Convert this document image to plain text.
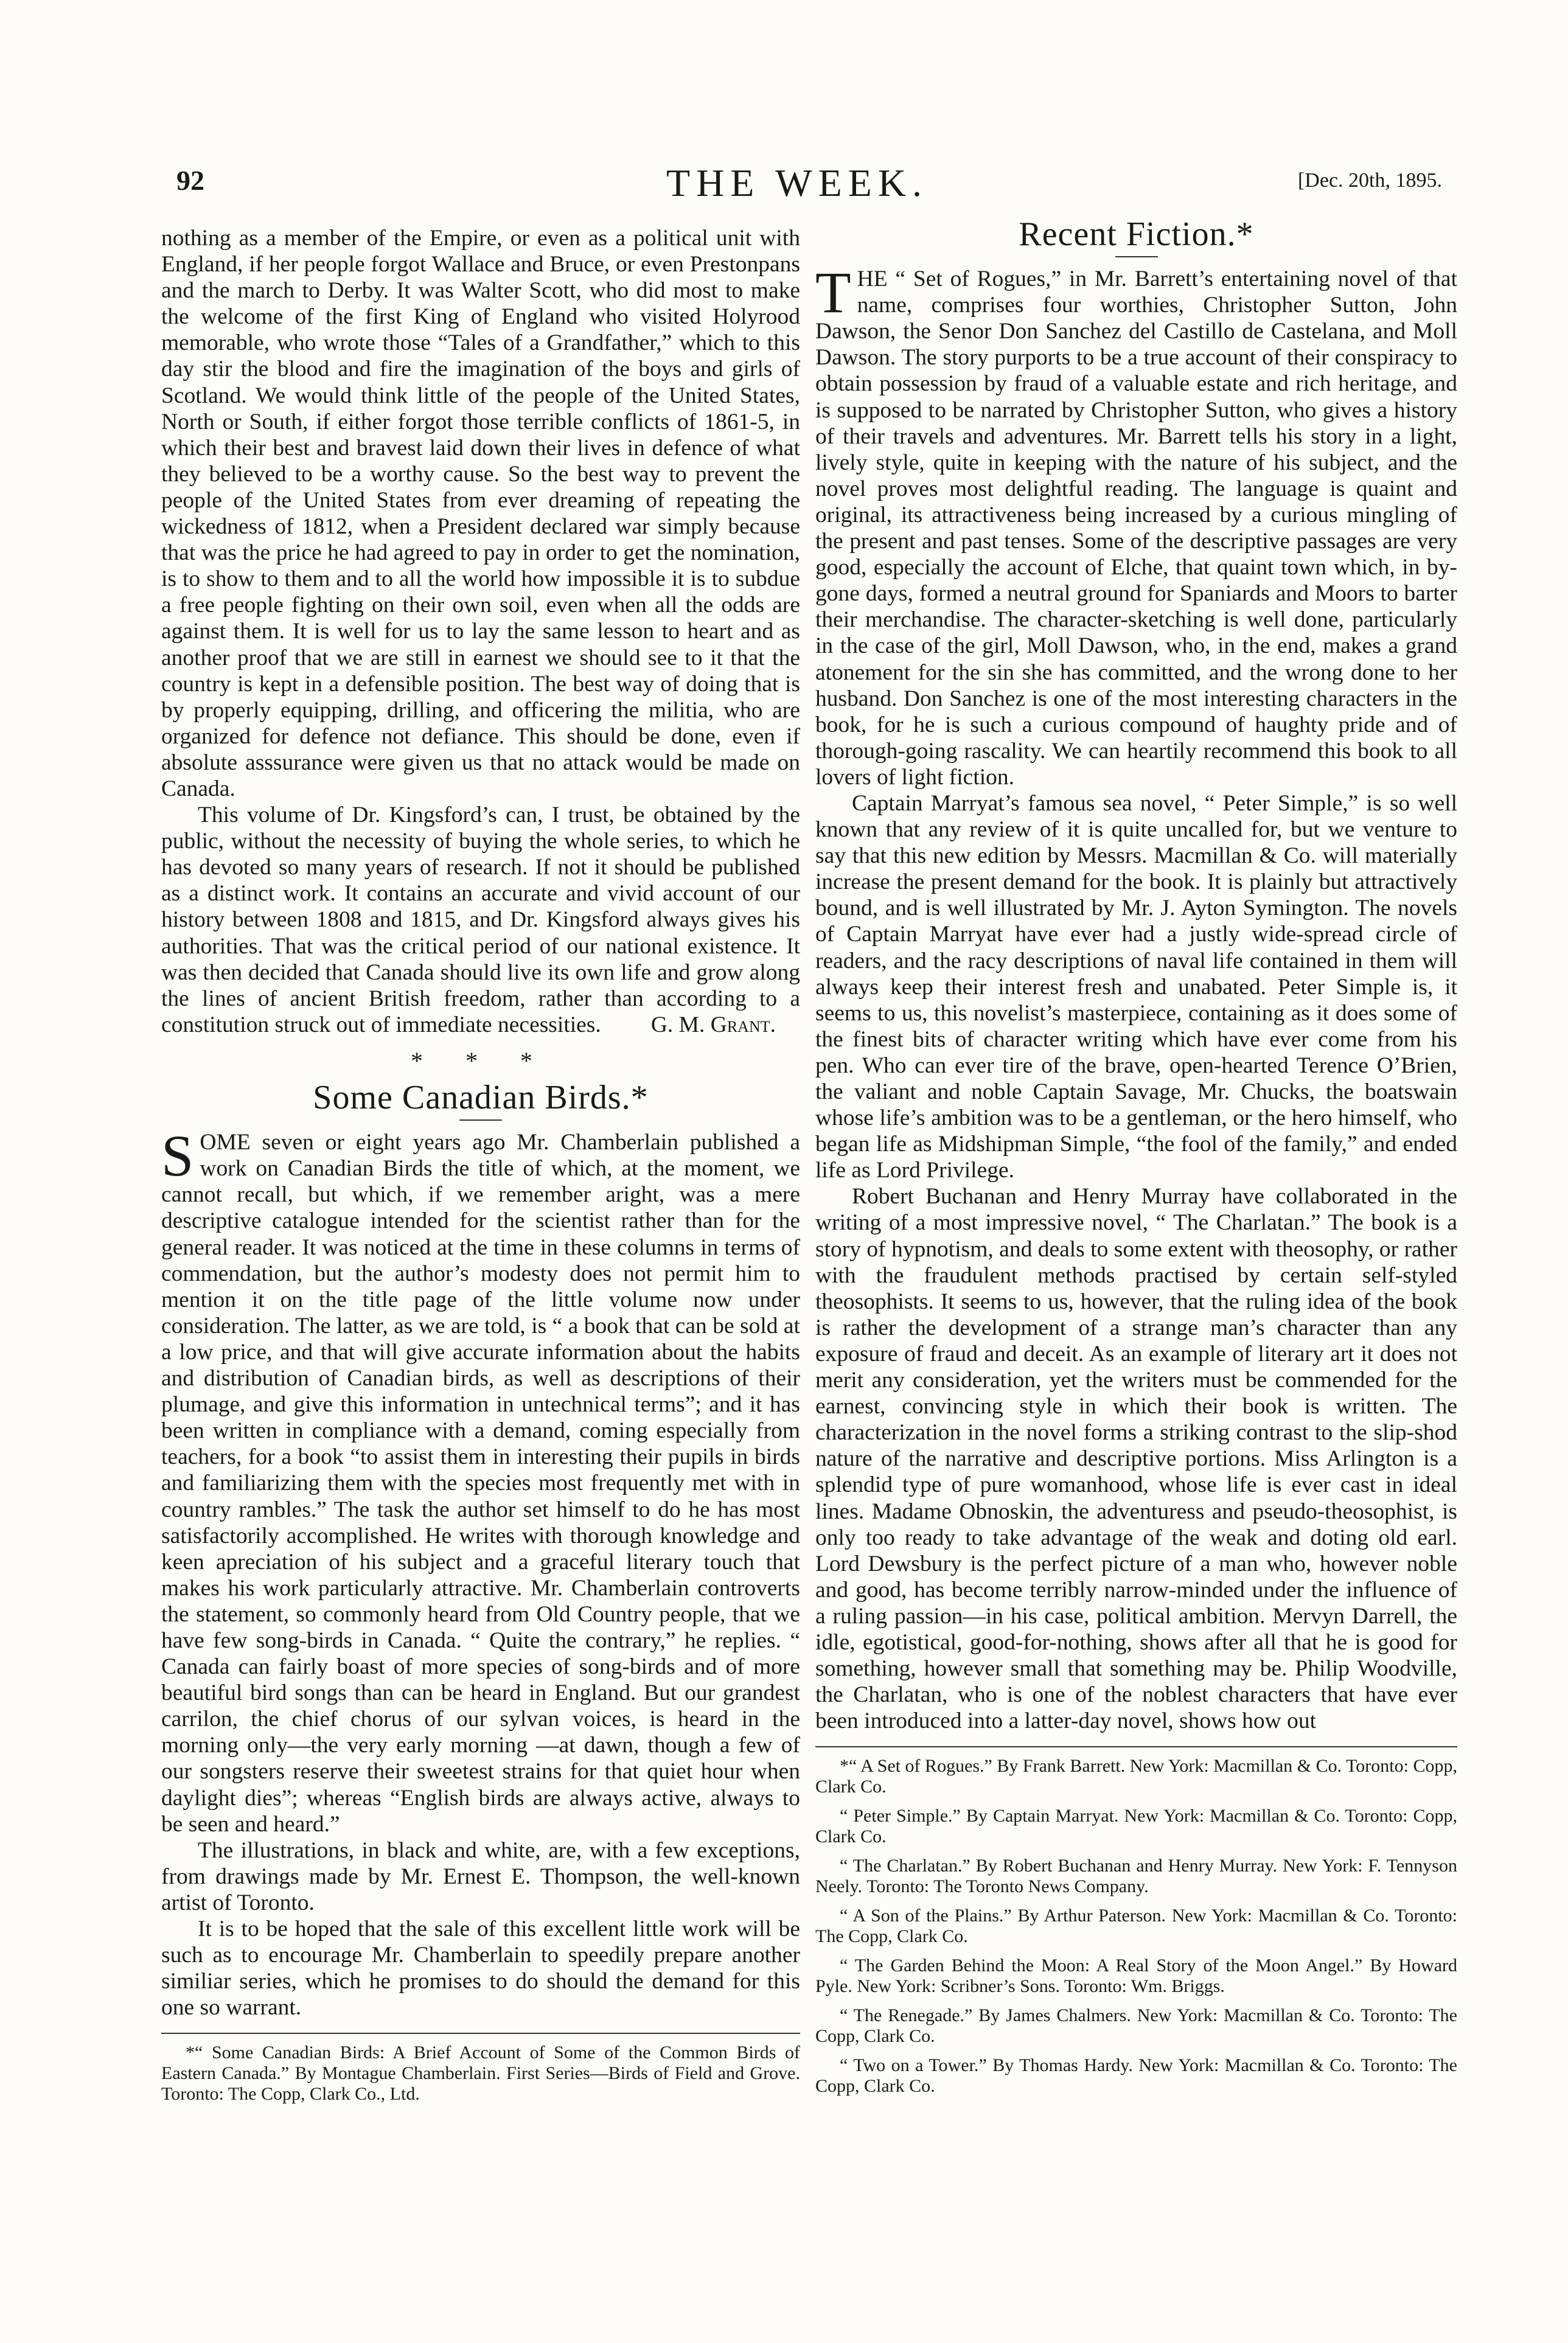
92	THE WEEK.	[Dec. 20th, 1895.

nothing as a member of the Empire, or even as a political unit with England, if her people forgot Wallace and Bruce, or even Prestonpans and the march to Derby. It was Walter Scott, who did most to make the welcome of the first King of England who visited Holyrood memorable, who wrote those “Tales of a Grandfather,” which to this day stir the blood and fire the imagination of the boys and girls of Scotland. We would think little of the people of the United States, North or South, if either forgot those terrible conflicts of 1861-5, in which their best and bravest laid down their lives in defence of what they believed to be a worthy cause. So the best way to prevent the people of the United States from ever dreaming of repeating the wickedness of 1812, when a President declared war simply because that was the price he had agreed to pay in order to get the nomination, is to show to them and to all the world how impossible it is to subdue a free people fighting on their own soil, even when all the odds are against them. It is well for us to lay the same lesson to heart and as another proof that we are still in earnest we should see to it that the country is kept in a defensible position. The best way of doing that is by properly equipping, drilling, and officering the militia, who are organized for defence not defiance. This should be done, even if absolute asssurance were given us that no attack would be made on Canada.

This volume of Dr. Kingsford’s can, I trust, be obtained by the public, without the necessity of buying the whole series, to which he has devoted so many years of research. If not it should be published as a distinct work. It contains an accurate and vivid account of our history between 1808 and 1815, and Dr. Kingsford always gives his authorities. That was the critical period of our national existence. It was then decided that Canada should live its own life and grow along the lines of ancient British freedom, rather than according to a constitution struck out of immediate necessities.	G. M. Grant.
* * *
Some Canadian Birds.*

SOME seven or eight years ago Mr. Chamberlain published a work on Canadian Birds the title of which, at the moment, we cannot recall, but which, if we remember aright, was a mere descriptive catalogue intended for the scientist rather than for the general reader. It was noticed at the time in these columns in terms of commendation, but the author’s modesty does not permit him to mention it on the title page of the little volume now under consideration. The latter, as we are told, is “ a book that can be sold at a low price, and that will give accurate information about the habits and distribution of Canadian birds, as well as descriptions of their plumage, and give this information in untechnical terms”; and it has been written in compliance with a demand, coming especially from teachers, for a book “to assist them in interesting their pupils in birds and familiarizing them with the species most frequently met with in country rambles.” The task the author set himself to do he has most satisfactorily accomplished. He writes with thorough knowledge and keen apreciation of his subject and a graceful literary touch that makes his work particularly attractive. Mr. Chamberlain controverts the statement, so commonly heard from Old Country people, that we have few song-birds in Canada. “ Quite the contrary,” he replies. “ Canada can fairly boast of more species of song-birds and of more beautiful bird songs than can be heard in England. But our grandest carrilon, the chief chorus of our sylvan voices, is heard in the morning only—the very early morning —at dawn, though a few of our songsters reserve their sweetest strains for that quiet hour when daylight dies”; whereas “English birds are always active, always to be seen and heard.”

The illustrations, in black and white, are, with a few exceptions, from drawings made by Mr. Ernest E. Thompson, the well-known artist of Toronto.

It is to be hoped that the sale of this excellent little work will be such as to encourage Mr. Chamberlain to speedily prepare another similiar series, which he promises to do should the demand for this one so warrant.

*“ Some Canadian Birds: A Brief Account of Some of the Common Birds of Eastern Canada.” By Montague Chamberlain. First Series—Birds of Field and Grove. Toronto: The Copp, Clark Co., Ltd.

Recent Fiction.*

THE “ Set of Rogues,” in Mr. Barrett’s entertaining novel of that name, comprises four worthies, Christopher Sutton, John Dawson, the Senor Don Sanchez del Castillo de Castelana, and Moll Dawson. The story purports to be a true account of their conspiracy to obtain possession by fraud of a valuable estate and rich heritage, and is supposed to be narrated by Christopher Sutton, who gives a history of their travels and adventures. Mr. Barrett tells his story in a light, lively style, quite in keeping with the nature of his subject, and the novel proves most delightful reading. The language is quaint and original, its attractiveness being increased by a curious mingling of the present and past tenses. Some of the descriptive passages are very good, especially the account of Elche, that quaint town which, in by-gone days, formed a neutral ground for Spaniards and Moors to barter their merchandise. The character-sketching is well done, particularly in the case of the girl, Moll Dawson, who, in the end, makes a grand atonement for the sin she has committed, and the wrong done to her husband. Don Sanchez is one of the most interesting characters in the book, for he is such a curious compound of haughty pride and of thorough-going rascality. We can heartily recommend this book to all lovers of light fiction.

Captain Marryat’s famous sea novel, “ Peter Simple,” is so well known that any review of it is quite uncalled for, but we venture to say that this new edition by Messrs. Macmillan & Co. will materially increase the present demand for the book. It is plainly but attractively bound, and is well illustrated by Mr. J. Ayton Symington. The novels of Captain Marryat have ever had a justly wide-spread circle of readers, and the racy descriptions of naval life contained in them will always keep their interest fresh and unabated. Peter Simple is, it seems to us, this novelist’s masterpiece, containing as it does some of the finest bits of character writing which have ever come from his pen. Who can ever tire of the brave, open-hearted Terence O’Brien, the valiant and noble Captain Savage, Mr. Chucks, the boatswain whose life’s ambition was to be a gentleman, or the hero himself, who began life as Midshipman Simple, “the fool of the family,” and ended life as Lord Privilege.

Robert Buchanan and Henry Murray have collaborated in the writing of a most impressive novel, “ The Charlatan.” The book is a story of hypnotism, and deals to some extent with theosophy, or rather with the fraudulent methods practised by certain self-styled theosophists. It seems to us, however, that the ruling idea of the book is rather the development of a strange man’s character than any exposure of fraud and deceit. As an example of literary art it does not merit any consideration, yet the writers must be commended for the earnest, convincing style in which their book is written. The characterization in the novel forms a striking contrast to the slip-shod nature of the narrative and descriptive portions. Miss Arlington is a splendid type of pure womanhood, whose life is ever cast in ideal lines. Madame Obnoskin, the adventuress and pseudo-theosophist, is only too ready to take advantage of the weak and doting old earl. Lord Dewsbury is the perfect picture of a man who, however noble and good, has become terribly narrow-minded under the influence of a ruling passion—in his case, political ambition. Mervyn Darrell, the idle, egotistical, good-for-nothing, shows after all that he is good for something, however small that something may be. Philip Woodville, the Charlatan, who is one of the noblest characters that have ever been introduced into a latter-day novel, shows how out

*“ A Set of Rogues.” By Frank Barrett. New York: Macmillan & Co. Toronto: Copp, Clark Co.

“ Peter Simple.” By Captain Marryat. New York: Macmillan & Co. Toronto: Copp, Clark Co.

“ The Charlatan.” By Robert Buchanan and Henry Murray. New York: F. Tennyson Neely. Toronto: The Toronto News Company.

“ A Son of the Plains.” By Arthur Paterson. New York: Macmillan & Co. Toronto: The Copp, Clark Co.

“ The Garden Behind the Moon: A Real Story of the Moon Angel.” By Howard Pyle. New York: Scribner’s Sons. Toronto: Wm. Briggs.

“ The Renegade.” By James Chalmers. New York: Macmillan & Co. Toronto: The Copp, Clark Co.

“ Two on a Tower.” By Thomas Hardy. New York: Macmillan & Co. Toronto: The Copp, Clark Co.
